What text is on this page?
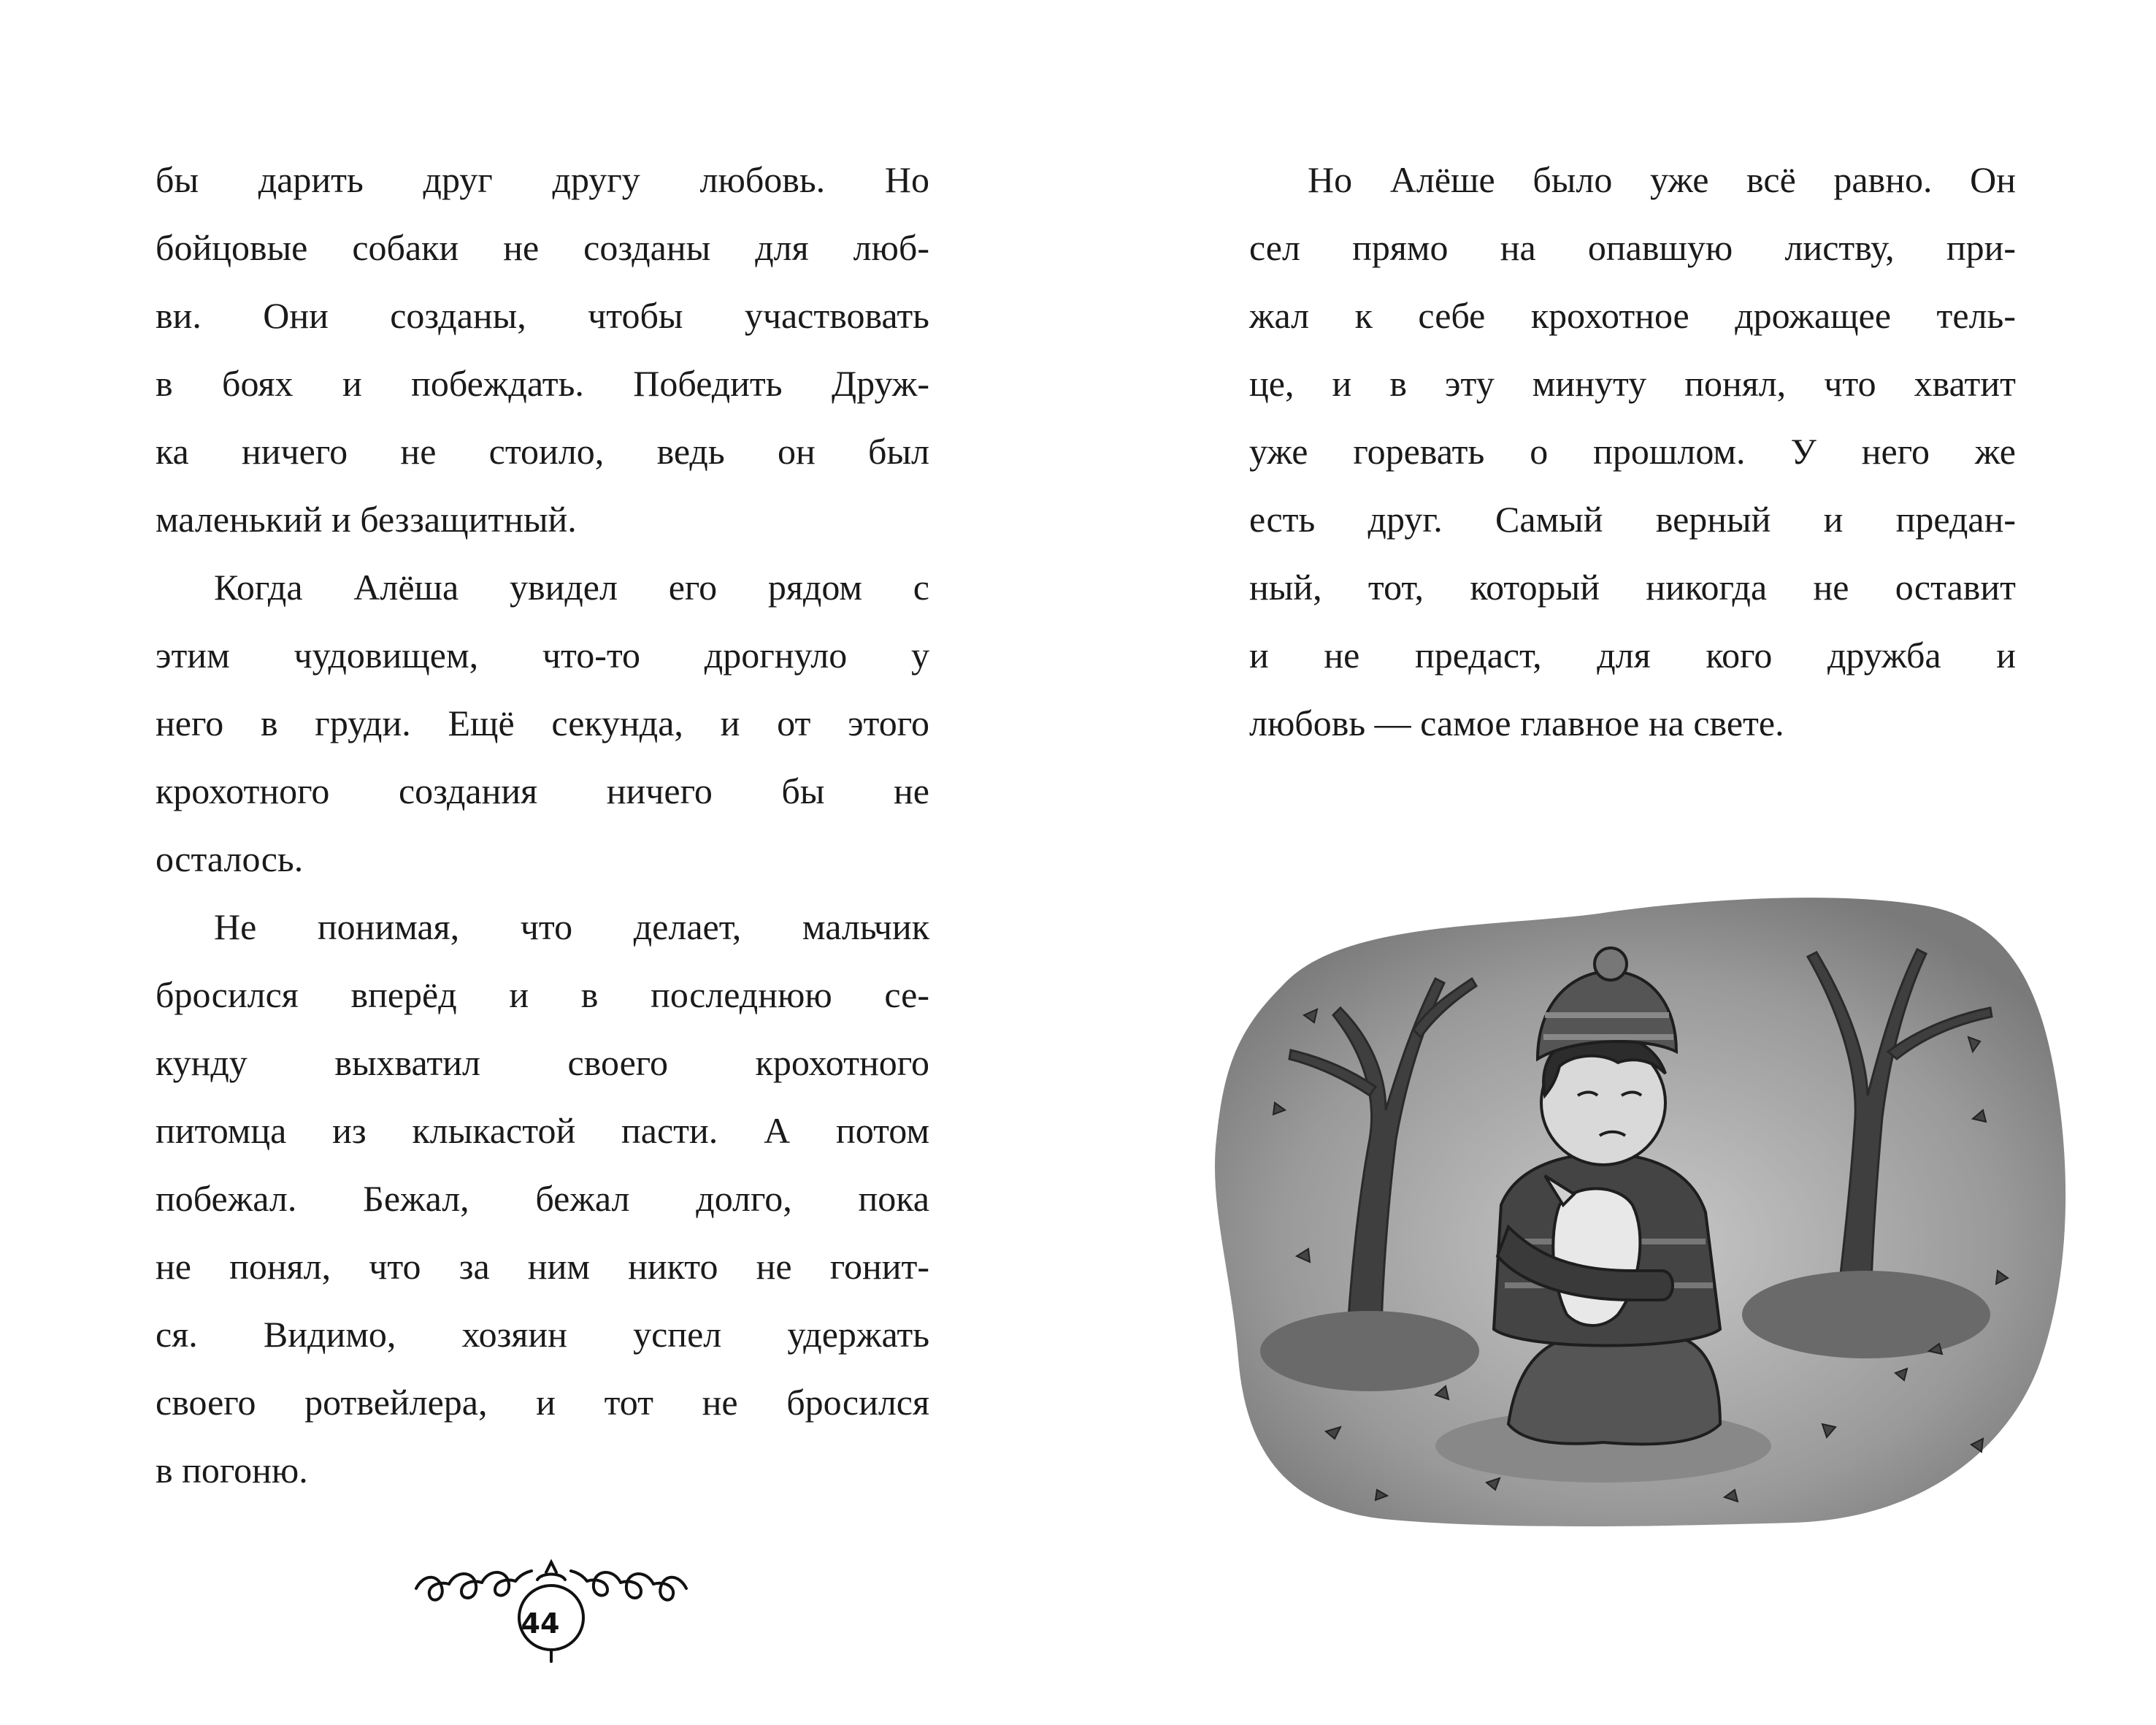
бы дарить друг другу любовь. Но
бойцовые собаки не созданы для люб-
ви. Они созданы, чтобы участвовать
в боях и побеждать. Победить Друж-
ка ничего не стоило, ведь он был
маленький и беззащитный.
Когда Алёша увидел его рядом с
этим чудовищем, что-то дрогнуло у
него в груди. Ещё секунда, и от этого
крохотного создания ничего бы не
осталось.
Не понимая, что делает, мальчик
бросился вперёд и в последнюю се-
кунду выхватил своего крохотного
питомца из клыкастой пасти. А потом
побежал. Бежал, бежал долго, пока
не понял, что за ним никто не гонит-
ся. Видимо, хозяин успел удержать
своего ротвейлера, и тот не бросился
в погоню.
44
Но Алёше было уже всё равно. Он
сел прямо на опавшую листву, при-
жал к себе крохотное дрожащее тель-
це, и в эту минуту понял, что хватит
уже горевать о прошлом. У него же
есть друг. Самый верный и предан-
ный, тот, который никогда не оставит
и не предаст, для кого дружба и
любовь — самое главное на свете.
